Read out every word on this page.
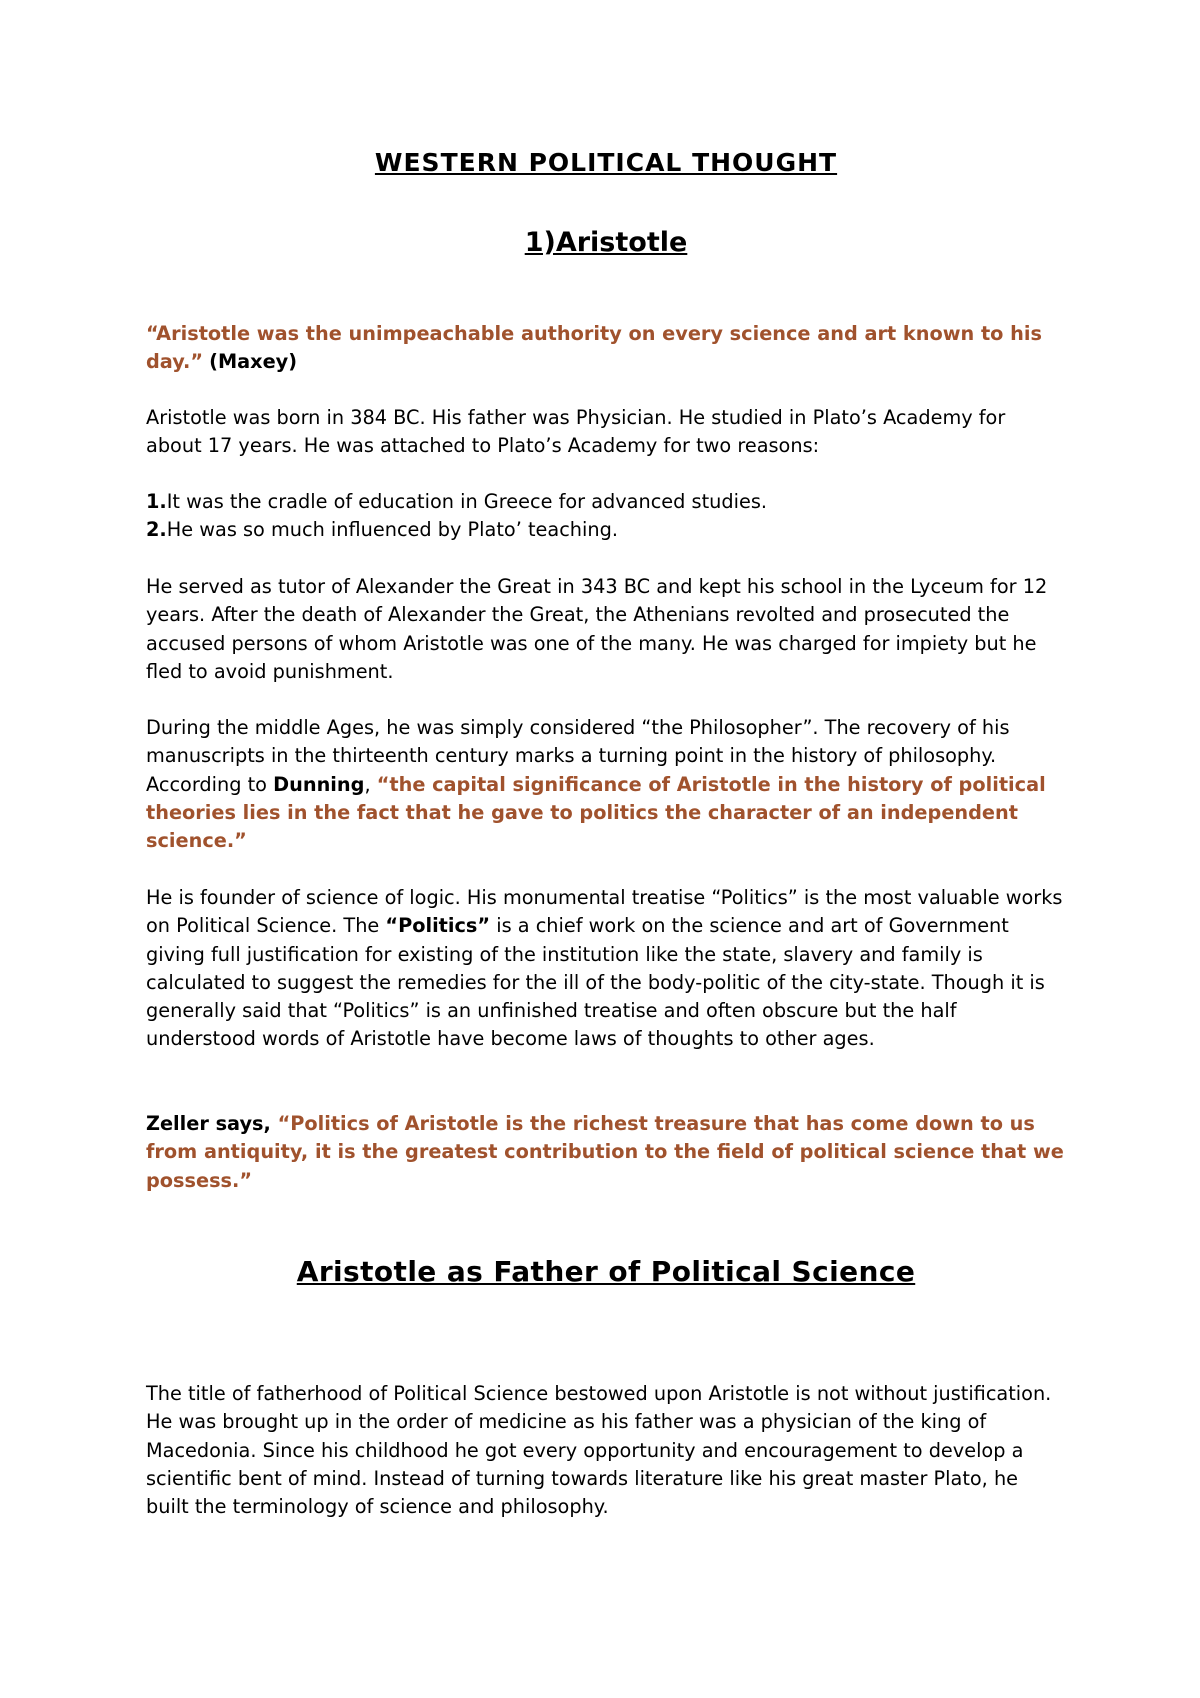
WESTERN POLITICAL THOUGHT
1)Aristotle

“Aristotle was the unimpeachable authority on every science and art known to his day.” (Maxey)

Aristotle was born in 384 BC. His father was Physician. He studied in Plato’s Academy for about 17 years. He was attached to Plato’s Academy for two reasons:

1.It was the cradle of education in Greece for advanced studies.
2.He was so much influenced by Plato’ teaching.

He served as tutor of Alexander the Great in 343 BC and kept his school in the Lyceum for 12 years. After the death of Alexander the Great, the Athenians revolted and prosecuted the accused persons of whom Aristotle was one of the many. He was charged for impiety but he fled to avoid punishment.

During the middle Ages, he was simply considered “the Philosopher”. The recovery of his manuscripts in the thirteenth century marks a turning point in the history of philosophy. According to Dunning, “the capital significance of Aristotle in the history of political theories lies in the fact that he gave to politics the character of an independent science.”

He is founder of science of logic. His monumental treatise “Politics” is the most valuable works on Political Science. The “Politics” is a chief work on the science and art of Government giving full justification for existing of the institution like the state, slavery and family is calculated to suggest the remedies for the ill of the body-politic of the city-state. Though it is generally said that “Politics” is an unfinished treatise and often obscure but the half understood words of Aristotle have become laws of thoughts to other ages.

Zeller says, “Politics of Aristotle is the richest treasure that has come down to us from antiquity, it is the greatest contribution to the field of political science that we possess.”

Aristotle as Father of Political Science

The title of fatherhood of Political Science bestowed upon Aristotle is not without justification. He was brought up in the order of medicine as his father was a physician of the king of Macedonia. Since his childhood he got every opportunity and encouragement to develop a scientific bent of mind. Instead of turning towards literature like his great master Plato, he built the terminology of science and philosophy.
